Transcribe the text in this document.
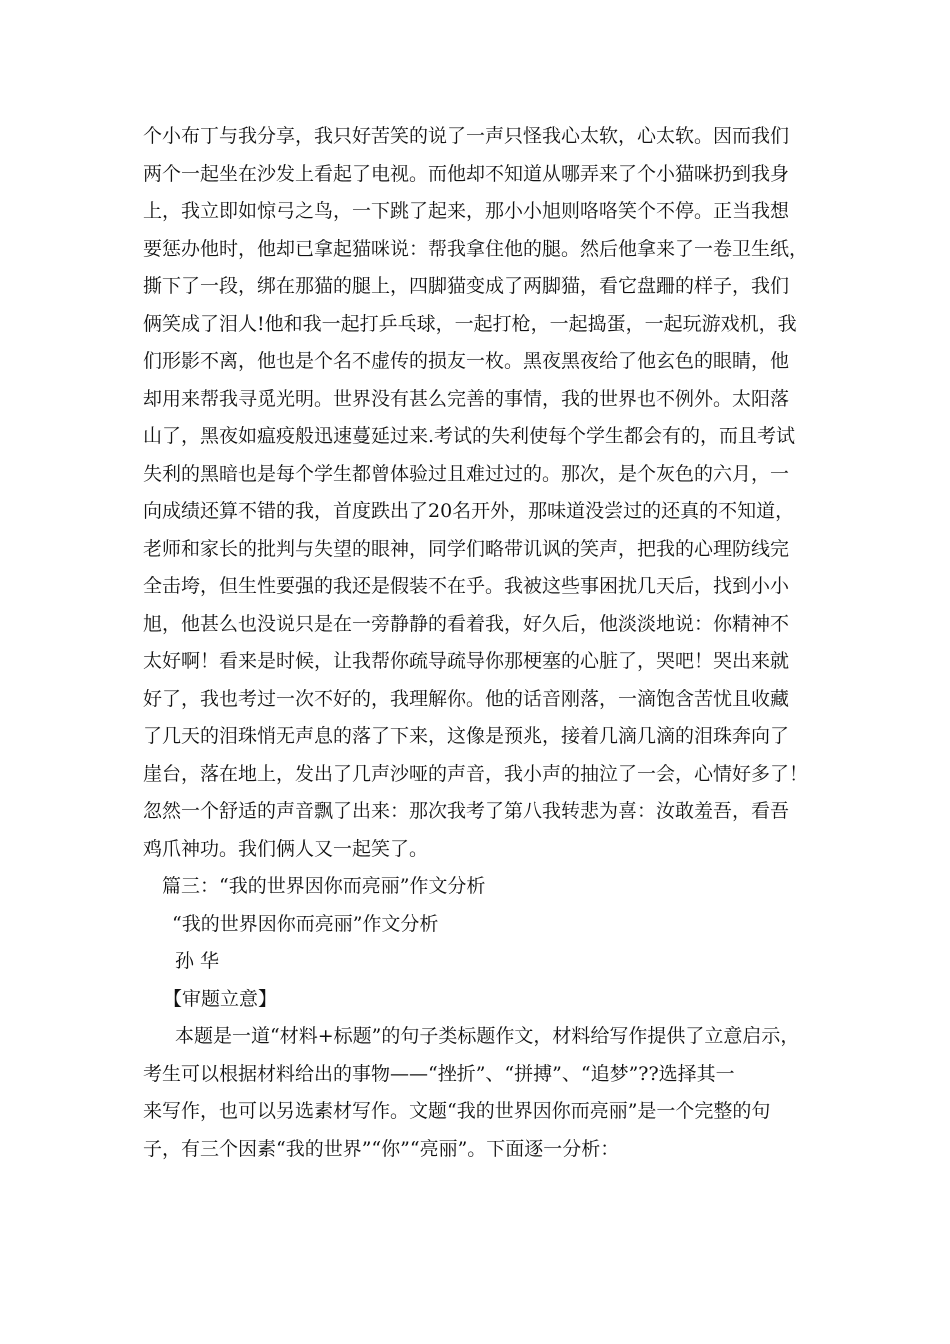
个小布丁与我分享，我只好苦笑的说了一声只怪我心太软，心太软。因而我们
两个一起坐在沙发上看起了电视。而他却不知道从哪弄来了个小猫咪扔到我身
上，我立即如惊弓之鸟，一下跳了起来，那小小旭则咯咯笑个不停。正当我想
要惩办他时，他却已拿起猫咪说：帮我拿住他的腿。然后他拿来了一卷卫生纸，
撕下了一段，绑在那猫的腿上，四脚猫变成了两脚猫，看它盘跚的样子，我们
俩笑成了泪人!他和我一起打乒乓球，一起打枪，一起捣蛋，一起玩游戏机，我
们形影不离，他也是个名不虚传的损友一枚。黑夜黑夜给了他玄色的眼睛，他
却用来帮我寻觅光明。世界没有甚么完善的事情，我的世界也不例外。太阳落
山了，黑夜如瘟疫般迅速蔓延过来.考试的失利使每个学生都会有的，而且考试
失利的黑暗也是每个学生都曾体验过且难过过的。那次，是个灰色的六月，一
向成绩还算不错的我，首度跌出了20名开外，那味道没尝过的还真的不知道，
老师和家长的批判与失望的眼神，同学们略带讥讽的笑声，把我的心理防线完
全击垮，但生性要强的我还是假装不在乎。我被这些事困扰几天后，找到小小
旭，他甚么也没说只是在一旁静静的看着我，好久后，他淡淡地说：你精神不
太好啊！看来是时候，让我帮你疏导疏导你那梗塞的心脏了，哭吧！哭出来就
好了，我也考过一次不好的，我理解你。他的话音刚落，一滴饱含苦忧且收藏
了几天的泪珠悄无声息的落了下来，这像是预兆，接着几滴几滴的泪珠奔向了
崖台，落在地上，发出了几声沙哑的声音，我小声的抽泣了一会，心情好多了！
忽然一个舒适的声音飘了出来：那次我考了第八我转悲为喜：汝敢羞吾，看吾
鸡爪神功。我们俩人又一起笑了。
篇三：“我的世界因你而亮丽”作文分析
“我的世界因你而亮丽”作文分析
孙 华
【审题立意】
本题是一道“材料+标题”的句子类标题作文，材料给写作提供了立意启示，
考生可以根据材料给出的事物——“挫折”、“拼搏”、“追梦”??选择其一
来写作，也可以另选素材写作。文题“我的世界因你而亮丽”是一个完整的句
子，有三个因素“我的世界”“你”“亮丽”。下面逐一分析：
